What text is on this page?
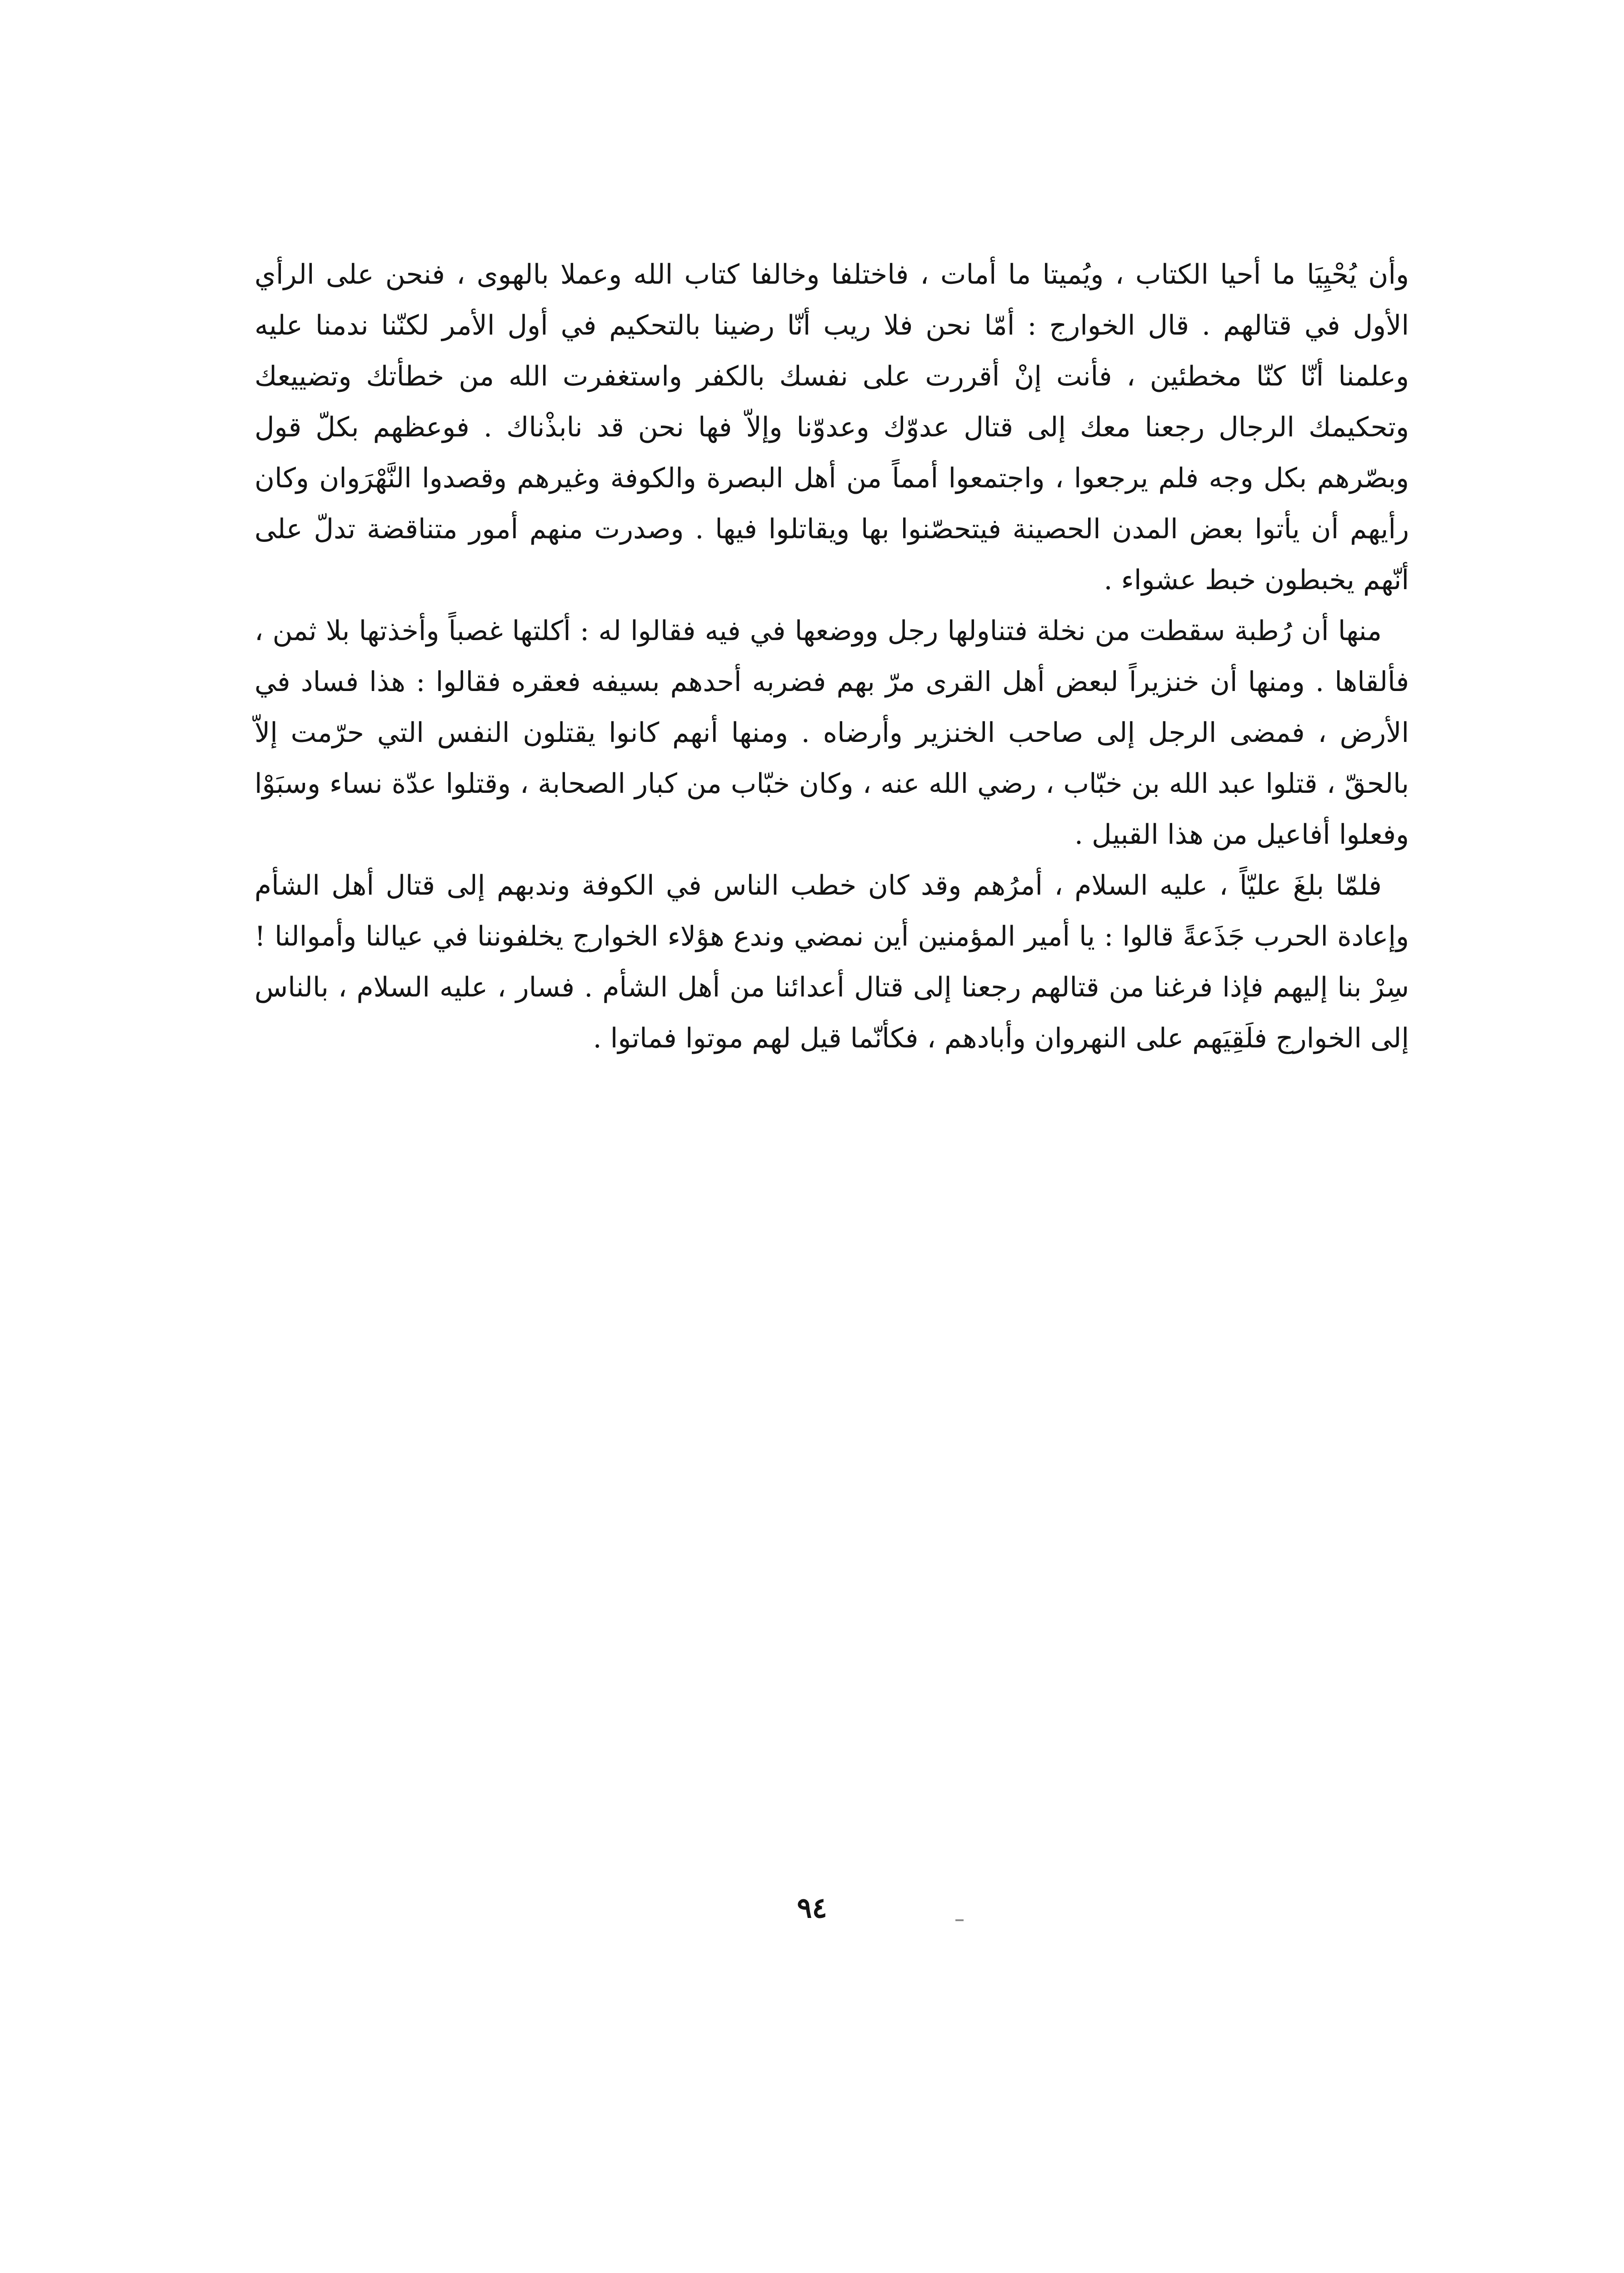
وأن يُحْيِيَا ما أحيا الكتاب ، ويُميتا ما أمات ، فاختلفا وخالفا كتاب الله وعملا بالهوى ، فنحن على الرأي الأول في قتالهم . قال الخوارج : أمّا نحن فلا ريب أنّا رضينا بالتحكيم في أول الأمر لكنّنا ندمنا عليه وعلمنا أنّا كنّا مخطئين ، فأنت إنْ أقررت على نفسك بالكفر واستغفرت الله من خطأتك وتضييعك وتحكيمك الرجال رجعنا معك إلى قتال عدوّك وعدوّنا وإلاّ فها نحن قد نابذْناك . فوعظهم بكلّ قول وبصّرهم بكل وجه فلم يرجعوا ، واجتمعوا أمماً من أهل البصرة والكوفة وغيرهم وقصدوا النَّهْرَوان وكان رأيهم أن يأتوا بعض المدن الحصينة فيتحصّنوا بها ويقاتلوا فيها . وصدرت منهم أمور متناقضة تدلّ على أنّهم يخبطون خبط عشواء .

منها أن رُطبة سقطت من نخلة فتناولها رجل ووضعها في فيه فقالوا له : أكلتها غصباً وأخذتها بلا ثمن ، فألقاها . ومنها أن خنزيراً لبعض أهل القرى مرّ بهم فضربه أحدهم بسيفه فعقره فقالوا : هذا فساد في الأرض ، فمضى الرجل إلى صاحب الخنزير وأرضاه . ومنها أنهم كانوا يقتلون النفس التي حرّمت إلاّ بالحقّ ، قتلوا عبد الله بن خبّاب ، رضي الله عنه ، وكان خبّاب من كبار الصحابة ، وقتلوا عدّة نساء وسبَوْا وفعلوا أفاعيل من هذا القبيل .

فلمّا بلغَ عليّاً ، عليه السلام ، أمرُهم وقد كان خطب الناس في الكوفة وندبهم إلى قتال أهل الشأم وإعادة الحرب جَذَعةً قالوا : يا أمير المؤمنين أين نمضي وندع هؤلاء الخوارج يخلفوننا في عيالنا وأموالنا ! سِرْ بنا إليهم فإذا فرغنا من قتالهم رجعنا إلى قتال أعدائنا من أهل الشأم . فسار ، عليه السلام ، بالناس إلى الخوارج فلَقِيَهم على النهروان وأبادهم ، فكأنّما قيل لهم موتوا فماتوا .

٩٤
